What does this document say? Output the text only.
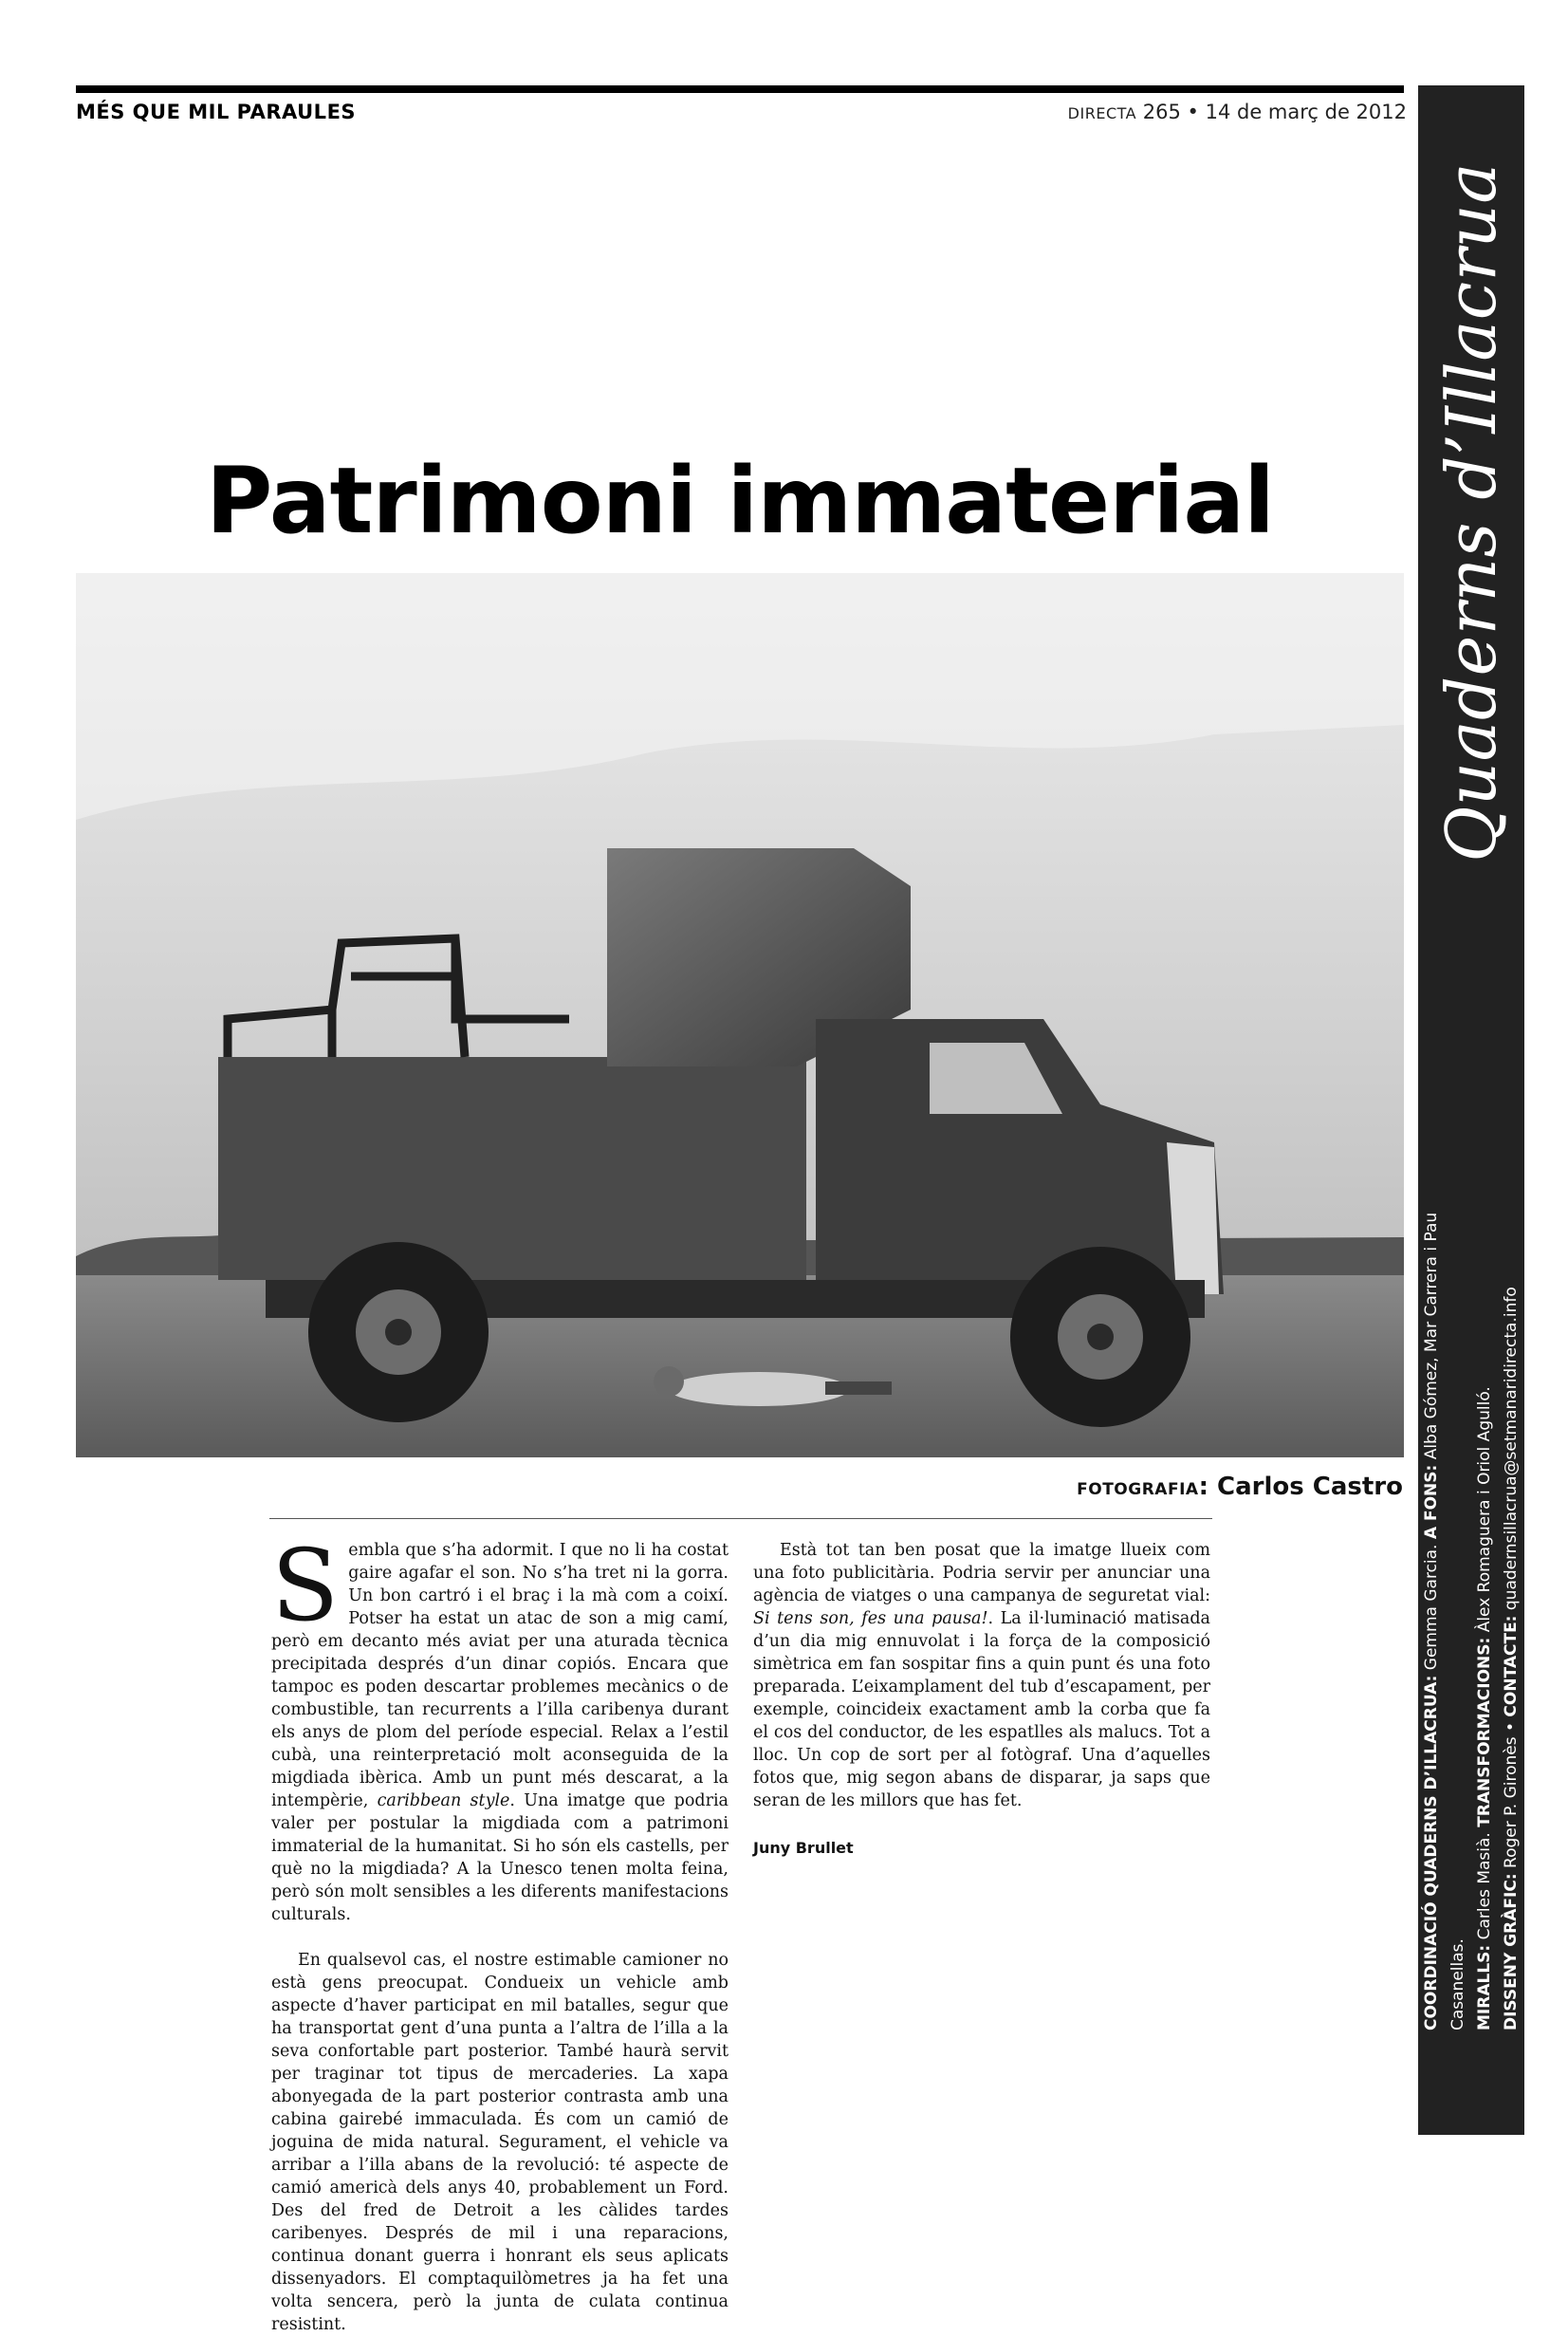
MÉS QUE MIL PARAULES	DIRECTA 265 • 14 de març de 2012
Quaderns d’Illacrua
COORDINACIÓ QUADERNS D’ILLACRUA: Gemma Garcia. A FONS: Alba Gómez, Mar Carrera i Pau Casanellas. MIRALLS: Carles Masià. TRANSFORMACIONS: Àlex Romaguera i Oriol Agulló.
DISSENY GRÀFIC: Roger P. Gironès • CONTACTE: quadernsillacrua@setmanaridirecta.info
Patrimoni immaterial
FOTOGRAFIA: Carlos Castro

Sembla que s’ha adormit. I que no li ha costat gaire agafar el son. No s’ha tret ni la gorra. Un bon cartró i el braç i la mà com a coixí. Potser ha estat un atac de son a mig camí, però em decanto més aviat per una aturada tècnica precipitada després d’un dinar copiós. Encara que tampoc es poden descartar problemes mecànics o de combustible, tan recurrents a l’illa caribenya durant els anys de plom del període especial. Relax a l’estil cubà, una reinterpretació molt aconseguida de la migdiada ibèrica. Amb un punt més descarat, a la intempèrie, caribbean style. Una imatge que podria valer per postular la migdiada com a patrimoni immaterial de la humanitat. Si ho són els castells, per què no la migdiada? A la Unesco tenen molta feina, però són molt sensibles a les diferents manifestacions culturals.

En qualsevol cas, el nostre estimable camioner no està gens preocupat. Condueix un vehicle amb aspecte d’haver participat en mil batalles, segur que ha transportat gent d’una punta a l’altra de l’illa a la seva confortable part posterior. També haurà servit per traginar tot tipus de mercaderies. La xapa abonyegada de la part posterior contrasta amb una cabina gairebé immaculada. És com un camió de joguina de mida natural. Segurament, el vehicle va arribar a l’illa abans de la revolució: té aspecte de camió americà dels anys 40, probablement un Ford. Des del fred de Detroit a les càlides tardes caribenyes. Després de mil i una reparacions, continua donant guerra i honrant els seus aplicats dissenyadors. El comptaquilòmetres ja ha fet una volta sencera, però la junta de culata continua resistint.

Està tot tan ben posat que la imatge llueix com una foto publicitària. Podria servir per anunciar una agència de viatges o una campanya de seguretat vial: Si tens son, fes una pausa!. La il·luminació matisada d’un dia mig ennuvolat i la força de la composició simètrica em fan sospitar fins a quin punt és una foto preparada. L’eixamplament del tub d’escapament, per exemple, coincideix exactament amb la corba que fa el cos del conductor, de les espatlles als malucs. Tot a lloc. Un cop de sort per al fotògraf. Una d’aquelles fotos que, mig segon abans de disparar, ja saps que seran de les millors que has fet.

Juny Brullet
